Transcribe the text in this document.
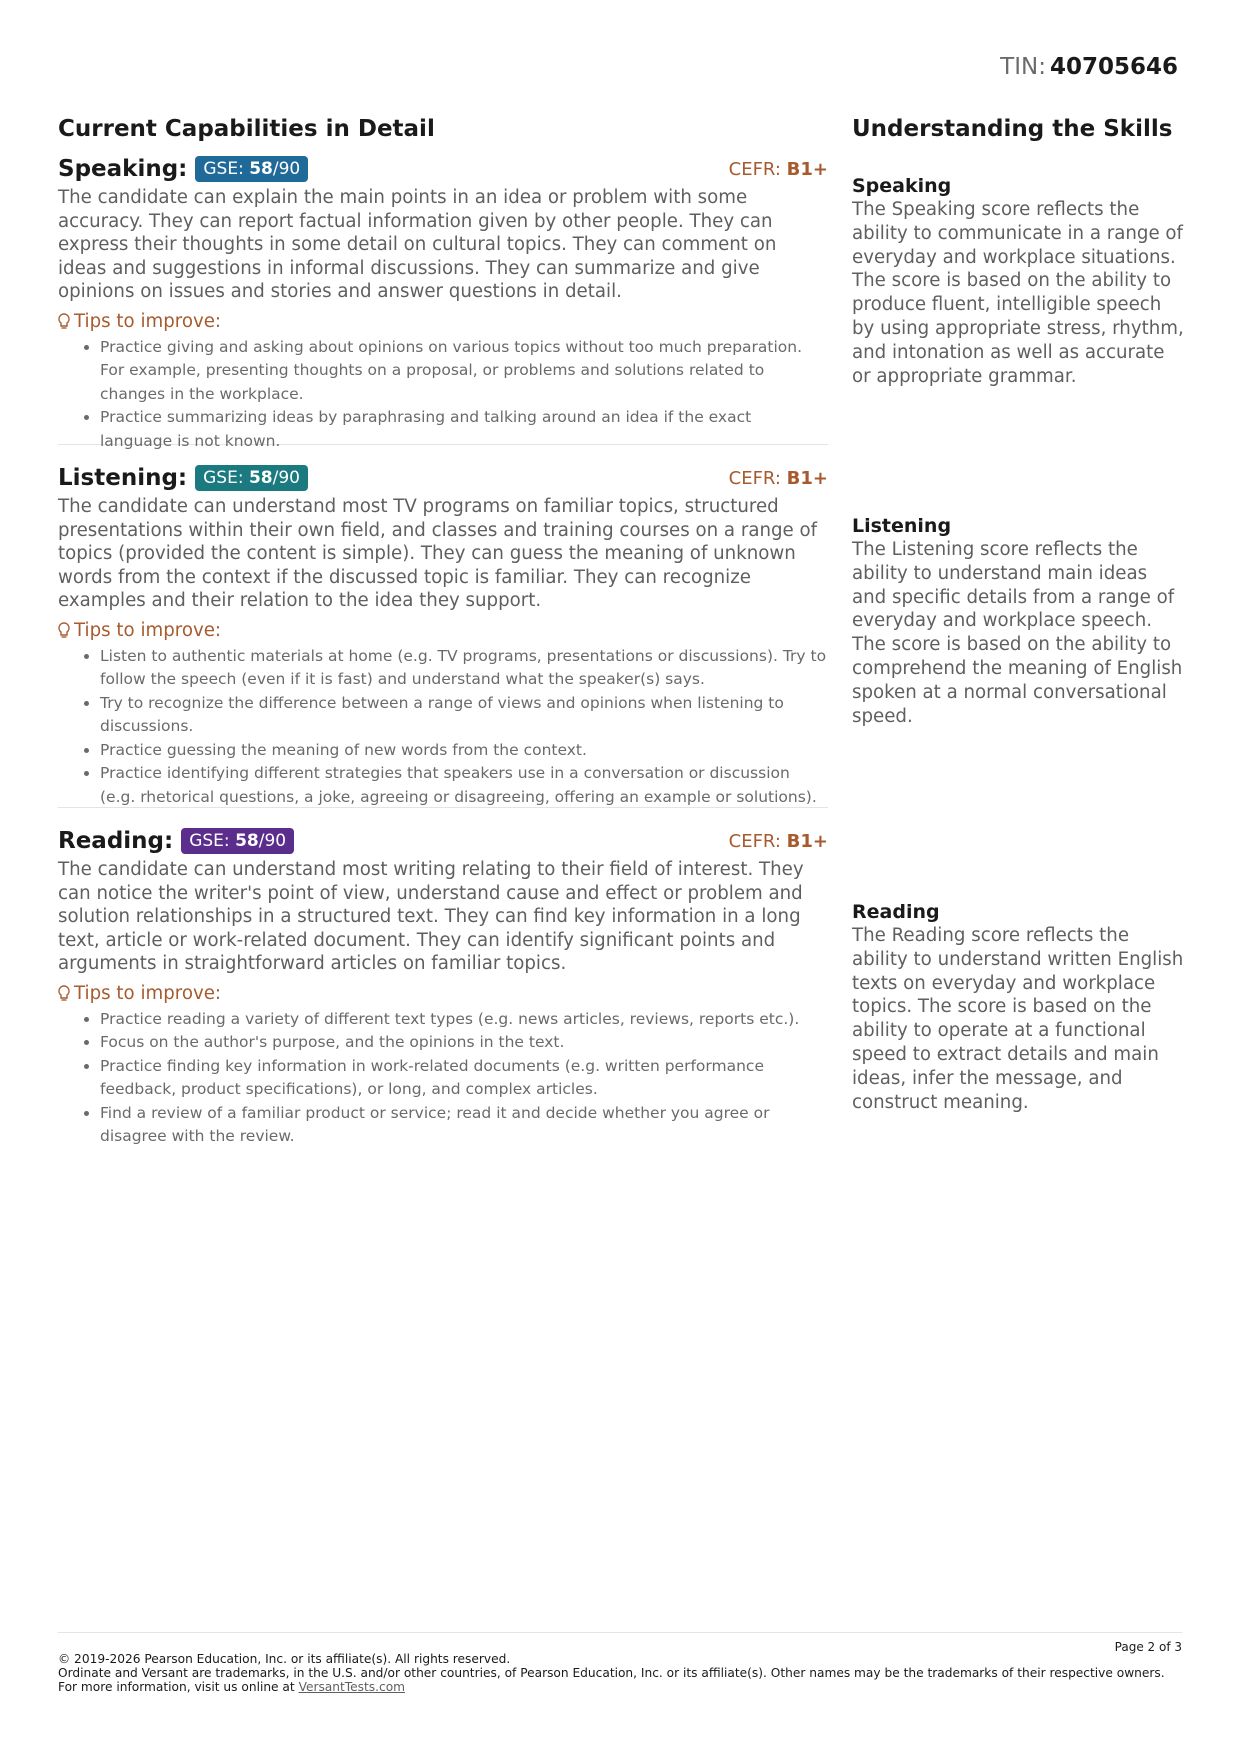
TIN: 40705646
Current Capabilities in Detail
Speaking: GSE: 58/90	CEFR: B1+

The candidate can explain the main points in an idea or problem with some accuracy. They can report factual information given by other people. They can express their thoughts in some detail on cultural topics. They can comment on ideas and suggestions in informal discussions. They can summarize and give opinions on issues and stories and answer questions in detail.

Tips to improve:
• Practice giving and asking about opinions on various topics without too much preparation. For example, presenting thoughts on a proposal, or problems and solutions related to changes in the workplace.
• Practice summarizing ideas by paraphrasing and talking around an idea if the exact language is not known.
Listening: GSE: 58/90	CEFR: B1+

The candidate can understand most TV programs on familiar topics, structured presentations within their own field, and classes and training courses on a range of topics (provided the content is simple). They can guess the meaning of unknown words from the context if the discussed topic is familiar. They can recognize examples and their relation to the idea they support.

Tips to improve:
• Listen to authentic materials at home (e.g. TV programs, presentations or discussions). Try to follow the speech (even if it is fast) and understand what the speaker(s) says.
• Try to recognize the difference between a range of views and opinions when listening to discussions.
• Practice guessing the meaning of new words from the context.
• Practice identifying different strategies that speakers use in a conversation or discussion (e.g. rhetorical questions, a joke, agreeing or disagreeing, offering an example or solutions).
Reading: GSE: 58/90	CEFR: B1+

The candidate can understand most writing relating to their field of interest. They can notice the writer's point of view, understand cause and effect or problem and solution relationships in a structured text. They can find key information in a long text, article or work-related document. They can identify significant points and arguments in straightforward articles on familiar topics.

Tips to improve:
• Practice reading a variety of different text types (e.g. news articles, reviews, reports etc.).
• Focus on the author's purpose, and the opinions in the text.
• Practice finding key information in work-related documents (e.g. written performance feedback, product specifications), or long, and complex articles.
• Find a review of a familiar product or service; read it and decide whether you agree or disagree with the review.
Understanding the Skills
Speaking

The Speaking score reflects the ability to communicate in a range of everyday and workplace situations. The score is based on the ability to produce fluent, intelligible speech by using appropriate stress, rhythm, and intonation as well as accurate or appropriate grammar.

Listening

The Listening score reflects the ability to understand main ideas and specific details from a range of everyday and workplace speech. The score is based on the ability to comprehend the meaning of English spoken at a normal conversational speed.

Reading

The Reading score reflects the ability to understand written English texts on everyday and workplace topics. The score is based on the ability to operate at a functional speed to extract details and main ideas, infer the message, and construct meaning.

Page 2 of 3
© 2019-2026 Pearson Education, Inc. or its affiliate(s). All rights reserved.
Ordinate and Versant are trademarks, in the U.S. and/or other countries, of Pearson Education, Inc. or its affiliate(s). Other names may be the trademarks of their respective owners.
For more information, visit us online at VersantTests.com
